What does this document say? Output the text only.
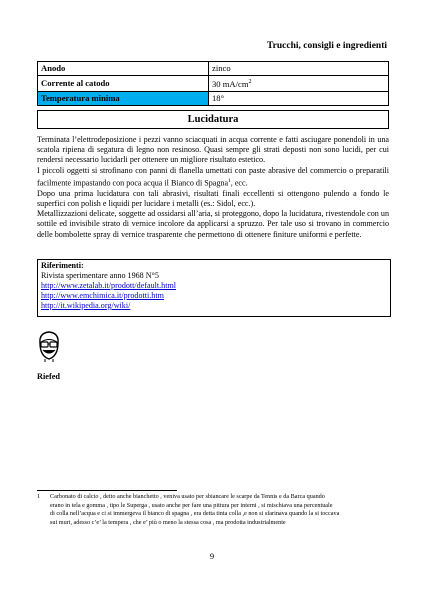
Trucchi, consigli e ingredienti
Anodo	zinco
Corrente al catodo	30 $mA/cm^2$
Temperatura minima	18°
Lucidatura

Terminata l’elettrodeposizione i pezzi vanno sciacquati in acqua corrente e fatti asciugare ponendoli in una scatola ripiena di segatura di legno non resinoso. Quasi sempre gli strati deposti non sono lucidi, per cui rendersi necessario lucidarli per ottenere un migliore risultato estetico.

I piccoli oggetti si strofinano con panni di flanella umettati con paste abrasive del commercio o preparatili facilmente impastando con poca acqua il Bianco di Spagna$^1$, ecc.

Dopo una prima lucidatura con tali abrasivi, risultati finali eccellenti si ottengono pulendo a fondo le superfici con polish e liquidi per lucidare i metalli (es.: Sidol, ecc.).

Metallizzazioni delicate, soggette ad ossidarsi all’aria, si proteggono, dopo la lucidatura, rivestendole con un sottile ed invisibile strato di vernice incolore da applicarsi a spruzzo. Per tale uso si trovano in commercio delle bombolette spray di vernice trasparente che permettono di ottenere finiture uniformi e perfette.

Riferimenti:
Rivista sperimentare anno 1968 N°5
http://www.zetalab.it/prodott/default.html
http://www.emchimica.it/prodotti.htm
http://it.wikipedia.org/wiki/
Riefed
1 Carbonato di calcio , detto anche bianchetto , veniva usato per sbiancare le scarpe da Tennis e da Barca quando
erano in tela e gomma , tipo le Superga , usato anche per fare una pittura per interni , si mischiava una percentuale
di colla nell’acqua e ci si immergeva il bianco di spagna , era detta tinta colla ,e non si sfarinava quando la si toccava
sui muri, adesso c’e’ la tempera , che e’ più o meno la stessa cosa , ma prodotta industrialmente
9
